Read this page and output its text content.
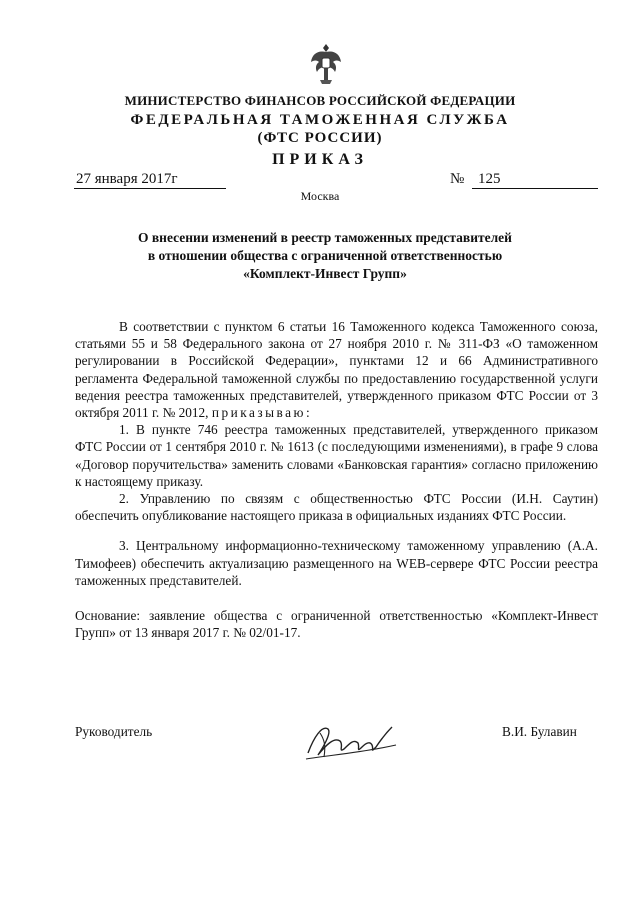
МИНИСТЕРСТВО ФИНАНСОВ РОССИЙСКОЙ ФЕДЕРАЦИИ
ФЕДЕРАЛЬНАЯ ТАМОЖЕННАЯ СЛУЖБА
(ФТС РОССИИ)
ПРИКАЗ
27 января 2017г	№ 125
Москва
О внесении изменений в реестр таможенных представителей
в отношении общества с ограниченной ответственностью
«Комплект-Инвест Групп»

В соответствии с пунктом 6 статьи 16 Таможенного кодекса Таможенного союза, статьями 55 и 58 Федерального закона от 27 ноября 2010 г. № 311-ФЗ «О таможенном регулировании в Российской Федерации», пунктами 12 и 66 Административного регламента Федеральной таможенной службы по предоставлению государственной услуги ведения реестра таможенных представителей, утвержденного приказом ФТС России от 3 октября 2011 г. № 2012, приказываю:

1. В пункте 746 реестра таможенных представителей, утвержденного приказом ФТС России от 1 сентября 2010 г. № 1613 (с последующими изменениями), в графе 9 слова «Договор поручительства» заменить словами «Банковская гарантия» согласно приложению к настоящему приказу.

2. Управлению по связям с общественностью ФТС России (И.Н. Саутин) обеспечить опубликование настоящего приказа в официальных изданиях ФТС России.

3. Центральному информационно-техническому таможенному управлению (А.А. Тимофеев) обеспечить актуализацию размещенного на WEB-сервере ФТС России реестра таможенных представителей.

Основание: заявление общества с ограниченной ответственностью «Комплект-Инвест Групп» от 13 января 2017 г. № 02/01-17.

Руководитель	В.И. Булавин
